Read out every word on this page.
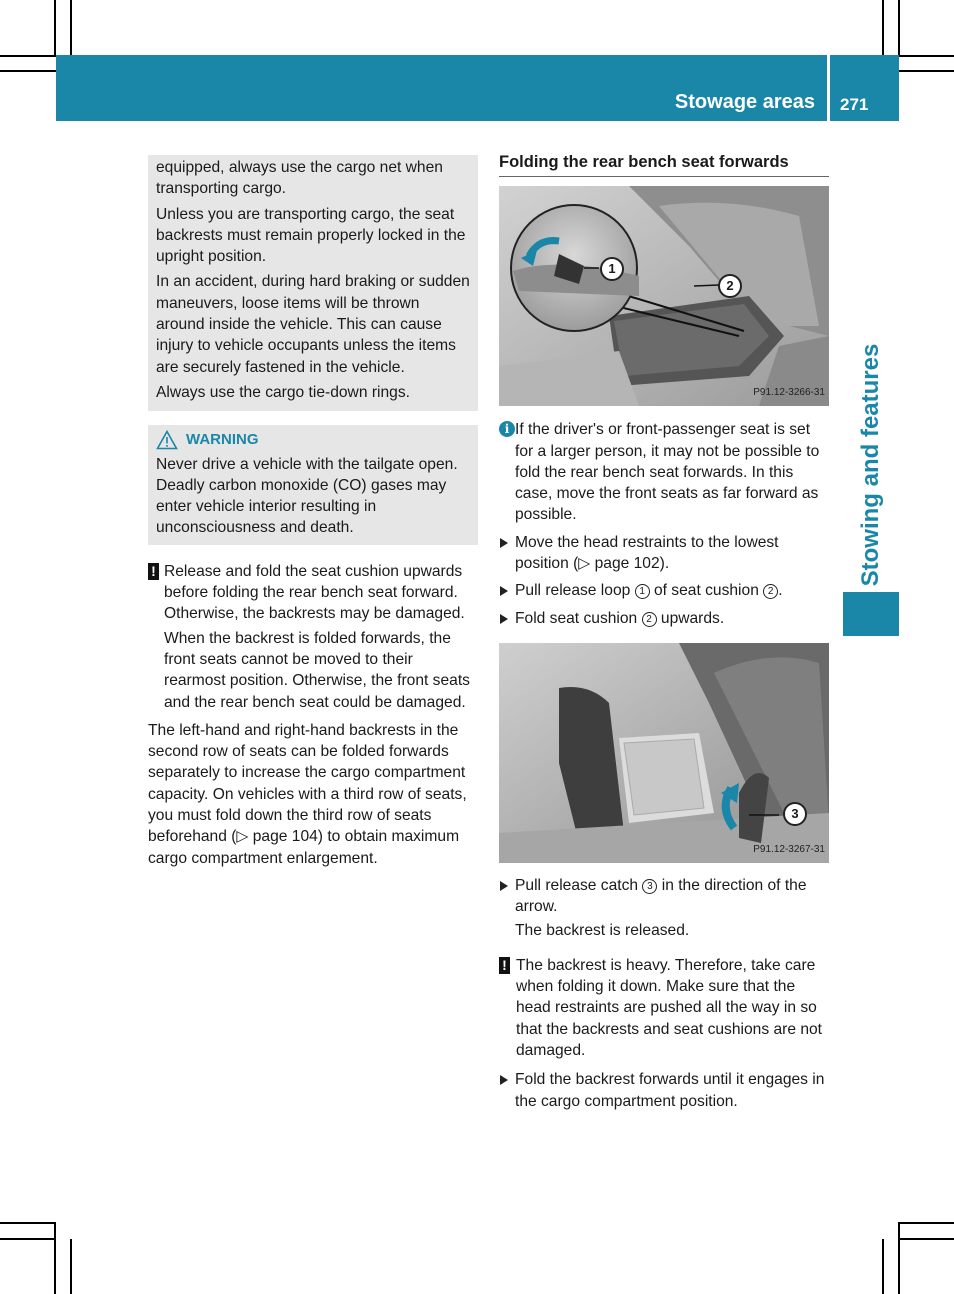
Stowage areas 271
Stowing and features

equipped, always use the cargo net when transporting cargo.

Unless you are transporting cargo, the seat backrests must remain properly locked in the upright position.

In an accident, during hard braking or sudden maneuvers, loose items will be thrown around inside the vehicle. This can cause injury to vehicle occupants unless the items are securely fastened in the vehicle.

Always use the cargo tie-down rings.

WARNING

Never drive a vehicle with the tailgate open. Deadly carbon monoxide (CO) gases may enter vehicle interior resulting in unconsciousness and death.

! Release and fold the seat cushion upwards before folding the rear bench seat forward. Otherwise, the backrests may be damaged.

When the backrest is folded forwards, the front seats cannot be moved to their rearmost position. Otherwise, the front seats and the rear bench seat could be damaged.

The left-hand and right-hand backrests in the second row of seats can be folded forwards separately to increase the cargo compartment capacity. On vehicles with a third row of seats, you must fold down the third row of seats beforehand (▷ page 104) to obtain maximum cargo compartment enlargement.

Folding the rear bench seat forwards
1
2
P91.12-3266-31
i If the driver's or front-passenger seat is set for a larger person, it may not be possible to fold the rear bench seat forwards. In this case, move the front seats as far forward as possible.

Move the head restraints to the lowest position (▷ page 102).
Pull release loop 1 of seat cushion 2 .
Fold seat cushion 2 upwards.
3
P91.12-3267-31
Pull release catch 3 in the direction of the arrow.

The backrest is released.

! The backrest is heavy. Therefore, take care when folding it down. Make sure that the head restraints are pushed all the way in so that the backrests and seat cushions are not damaged.

Fold the backrest forwards until it engages in the cargo compartment position.
